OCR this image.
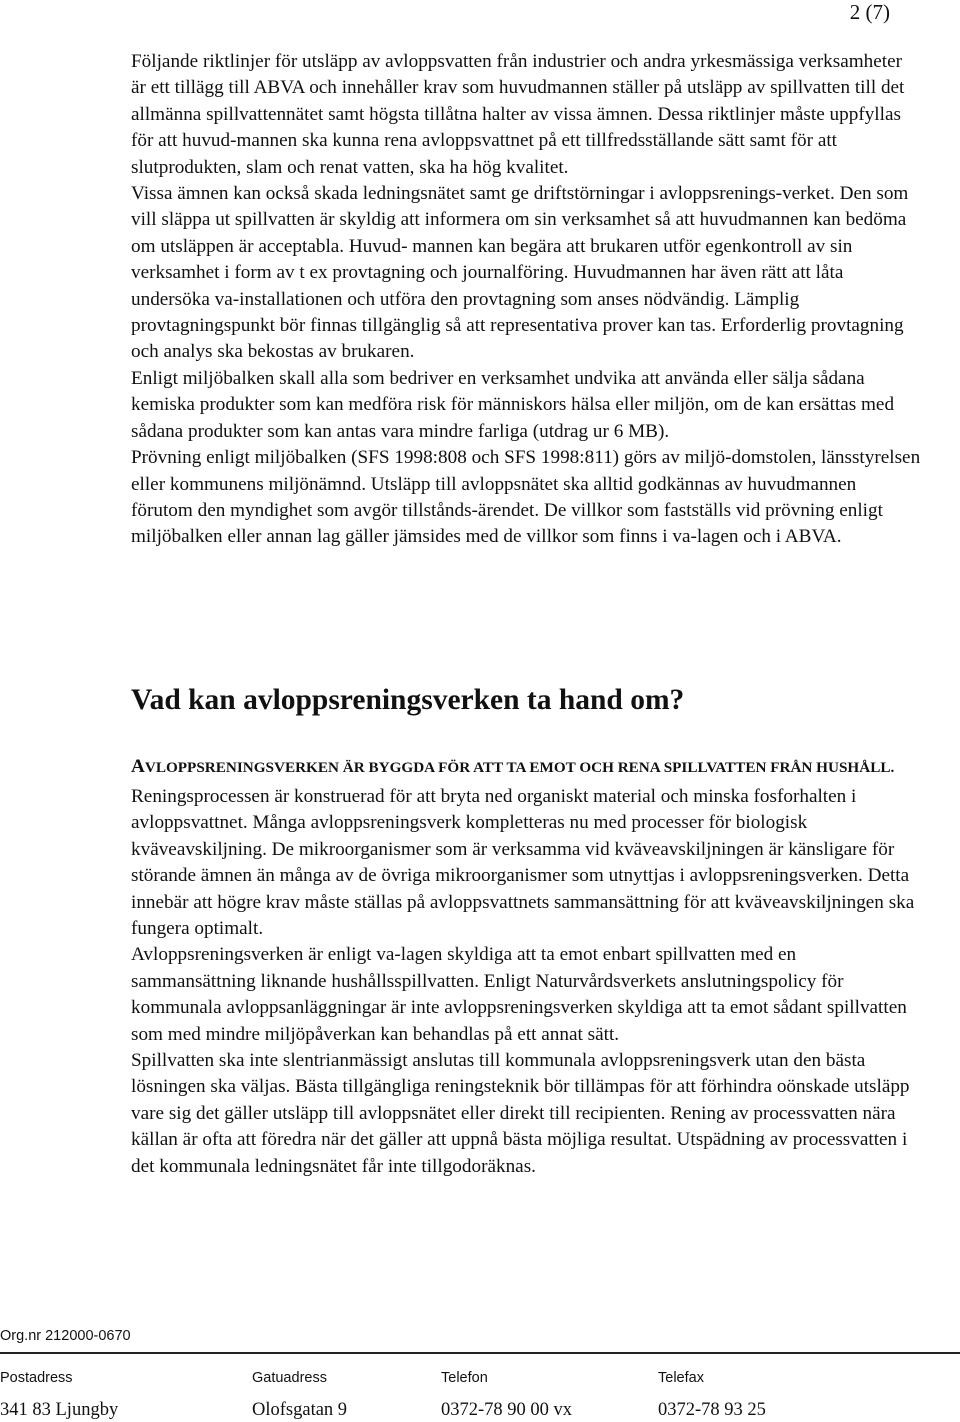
2 (7)

Följande riktlinjer för utsläpp av avloppsvatten från industrier och andra yrkesmässiga verksamheter är ett tillägg till ABVA och innehåller krav som huvudmannen ställer på utsläpp av spillvatten till det allmänna spillvattennätet samt högsta tillåtna halter av vissa ämnen. Dessa riktlinjer måste uppfyllas för att huvud-mannen ska kunna rena avloppsvattnet på ett tillfredsställande sätt samt för att slutprodukten, slam och renat vatten, ska ha hög kvalitet.

Vissa ämnen kan också skada ledningsnätet samt ge driftstörningar i avloppsrenings-verket. Den som vill släppa ut spillvatten är skyldig att informera om sin verksamhet så att huvudmannen kan bedöma om utsläppen är acceptabla. Huvud- mannen kan begära att brukaren utför egenkontroll av sin verksamhet i form av t ex provtagning och journalföring. Huvudmannen har även rätt att låta undersöka va-installationen och utföra den provtagning som anses nödvändig. Lämplig provtagningspunkt bör finnas tillgänglig så att representativa prover kan tas. Erforderlig provtagning och analys ska bekostas av brukaren.

Enligt miljöbalken skall alla som bedriver en verksamhet undvika att använda eller sälja sådana kemiska produkter som kan medföra risk för människors hälsa eller miljön, om de kan ersättas med sådana produkter som kan antas vara mindre farliga (utdrag ur 6 MB).

Prövning enligt miljöbalken (SFS 1998:808 och SFS 1998:811) görs av miljö-domstolen, länsstyrelsen eller kommunens miljönämnd. Utsläpp till avloppsnätet ska alltid godkännas av huvudmannen förutom den myndighet som avgör tillstånds-ärendet. De villkor som fastställs vid prövning enligt miljöbalken eller annan lag gäller jämsides med de villkor som finns i va-lagen och i ABVA.

Vad kan avloppsreningsverken ta hand om?
AVLOPPSRENINGSVERKEN ÄR BYGGDA FÖR ATT TA EMOT OCH RENA SPILLVATTEN FRÅN HUSHÅLL.

Reningsprocessen är konstruerad för att bryta ned organiskt material och minska fosforhalten i avloppsvattnet. Många avloppsreningsverk kompletteras nu med processer för biologisk kväveavskiljning. De mikroorganismer som är verksamma vid kväveavskiljningen är känsligare för störande ämnen än många av de övriga mikroorganismer som utnyttjas i avloppsreningsverken. Detta innebär att högre krav måste ställas på avloppsvattnets sammansättning för att kväveavskiljningen ska fungera optimalt.

Avloppsreningsverken är enligt va-lagen skyldiga att ta emot enbart spillvatten med en sammansättning liknande hushållsspillvatten. Enligt Naturvårdsverkets anslutningspolicy för kommunala avloppsanläggningar är inte avloppsreningsverken skyldiga att ta emot sådant spillvatten som med mindre miljöpåverkan kan behandlas på ett annat sätt.

Spillvatten ska inte slentrianmässigt anslutas till kommunala avloppsreningsverk utan den bästa lösningen ska väljas. Bästa tillgängliga reningsteknik bör tillämpas för att förhindra oönskade utsläpp vare sig det gäller utsläpp till avloppsnätet eller direkt till recipienten. Rening av processvatten nära källan är ofta att föredra när det gäller att uppnå bästa möjliga resultat. Utspädning av processvatten i det kommunala ledningsnätet får inte tillgodoräknas.

Org.nr 212000-0670
Postadress	Gatuadress	Telefon	Telefax
341 83 Ljungby	Olofsgatan 9	0372-78 90 00 vx	0372-78 93 25
